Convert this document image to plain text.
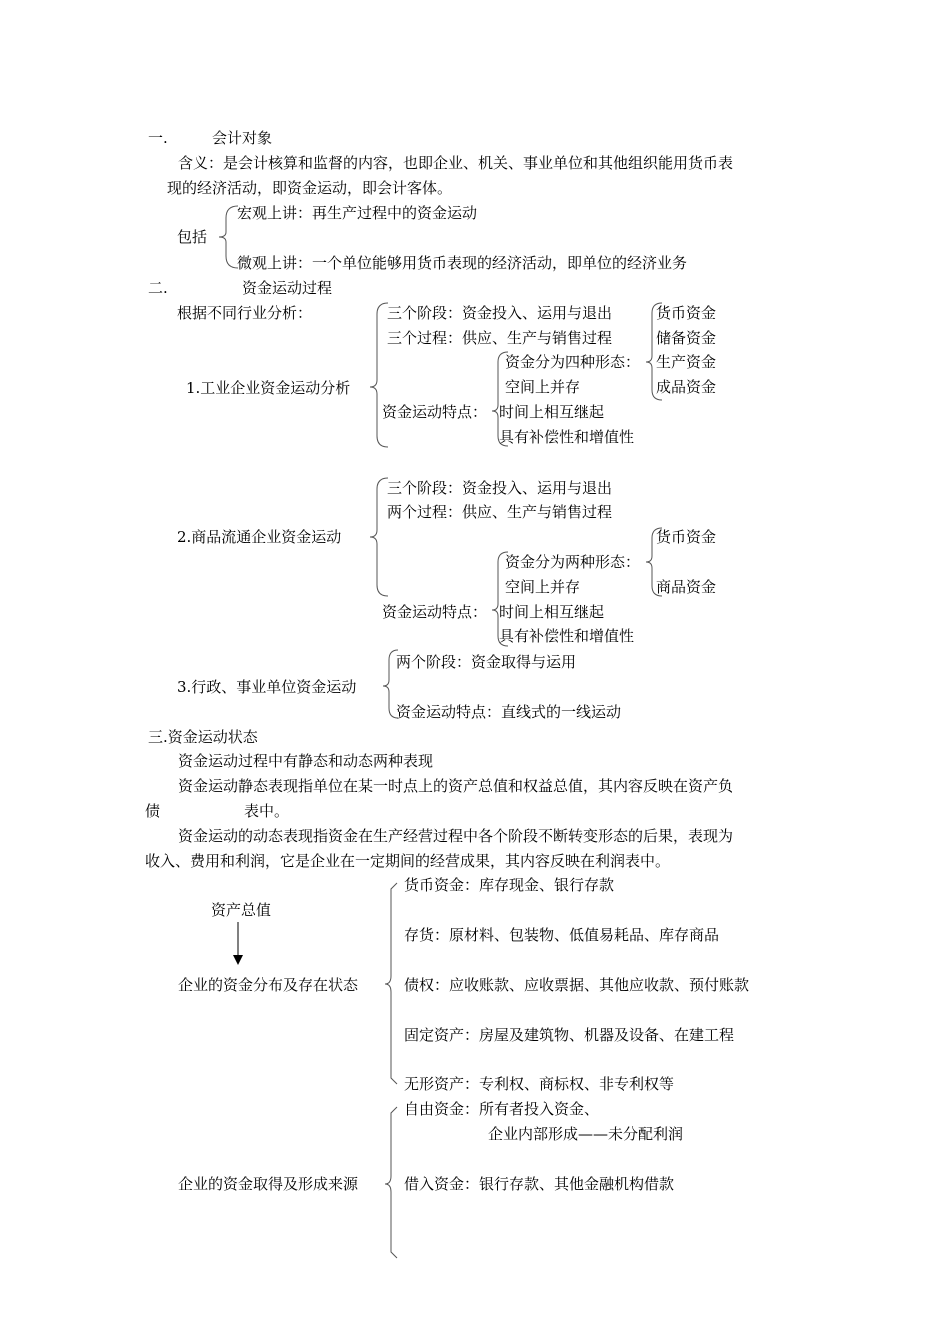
一.	会计对象
含义：是会计核算和监督的内容，也即企业、机关、事业单位和其他组织能用货币表
现的经济活动，即资金运动，即会计客体。
宏观上讲：再生产过程中的资金运动
包括
微观上讲：一个单位能够用货币表现的经济活动，即单位的经济业务
二.	资金运动过程
根据不同行业分析：	三个阶段：资金投入、运用与退出
三个过程：供应、生产与销售过程
资金分为四种形态：
1.工业企业资金运动分析	空间上并存
资金运动特点： 时间上相互继起
具有补偿性和增值性
货币资金
储备资金
生产资金
成品资金
三个阶段：资金投入、运用与退出
两个过程：供应、生产与销售过程
2.商品流通企业资金运动	货币资金
资金分为两种形态：
空间上并存	商品资金
资金运动特点： 时间上相互继起
具有补偿性和增值性
两个阶段：资金取得与运用
3.行政、事业单位资金运动
资金运动特点：直线式的一线运动
三.资金运动状态
资金运动过程中有静态和动态两种表现
资金运动静态表现指单位在某一时点上的资产总值和权益总值，其内容反映在资产负
债	表中。
资金运动的动态表现指资金在生产经营过程中各个阶段不断转变形态的后果，表现为
收入、费用和利润，它是企业在一定期间的经营成果，其内容反映在利润表中。
货币资金：库存现金、银行存款
资产总值
存货：原材料、包装物、低值易耗品、库存商品
企业的资金分布及存在状态	债权：应收账款、应收票据、其他应收款、预付账款
固定资产：房屋及建筑物、机器及设备、在建工程
无形资产：专利权、商标权、非专利权等
自由资金：所有者投入资金、
企业内部形成——未分配利润
企业的资金取得及形成来源	借入资金：银行存款、其他金融机构借款
